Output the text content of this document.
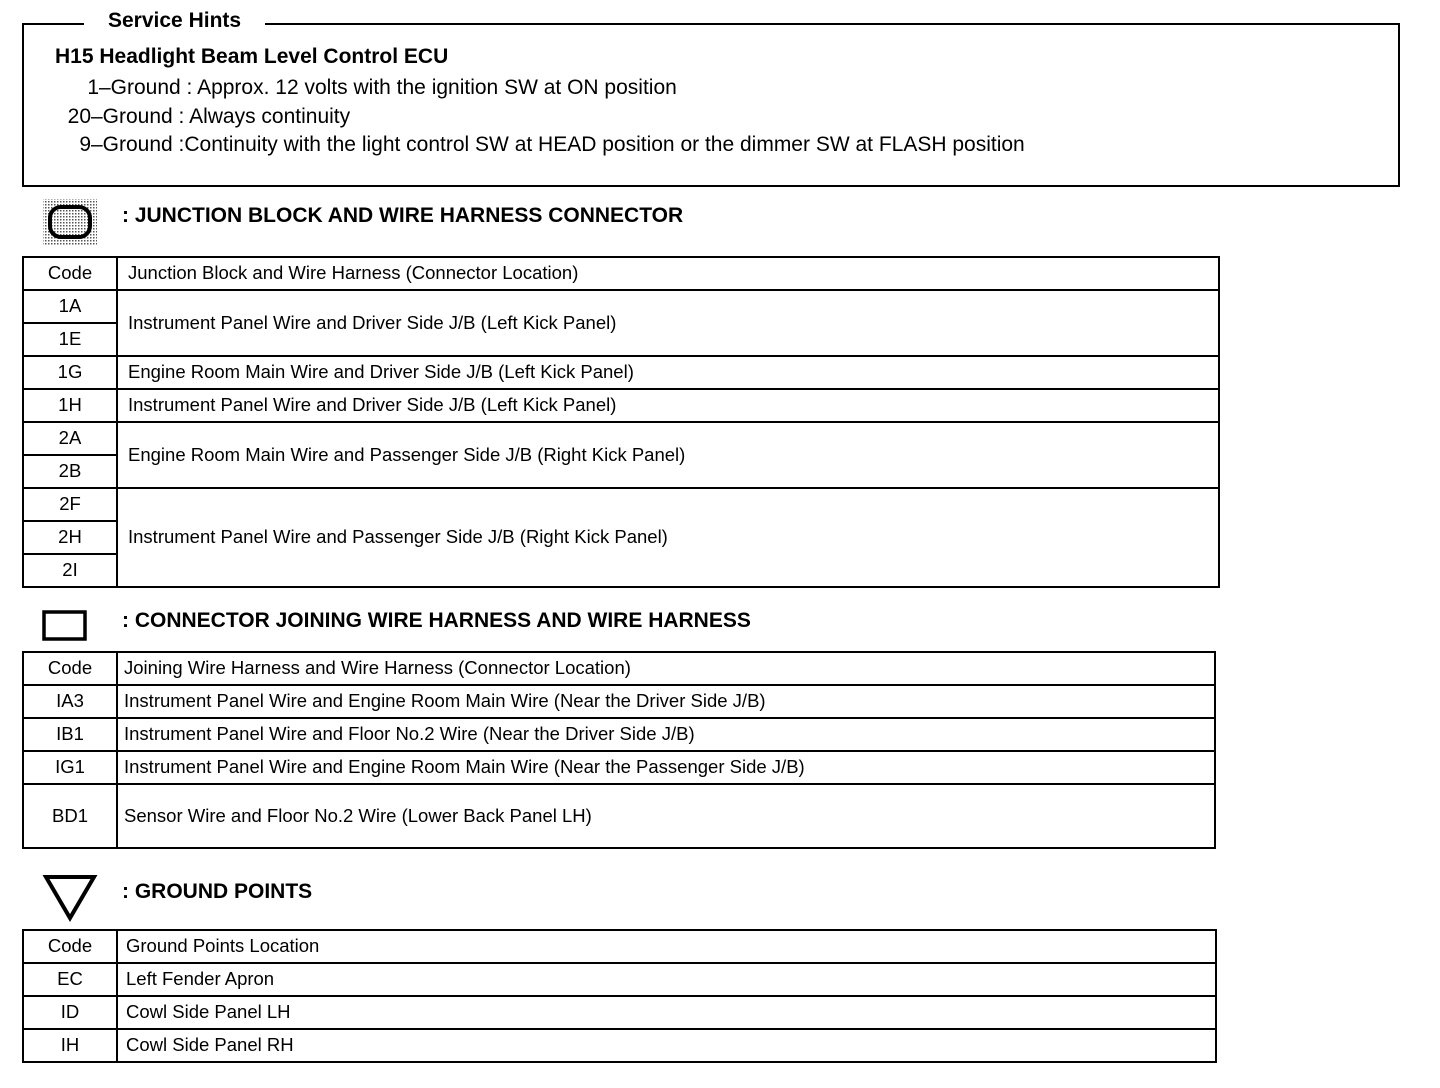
Service Hints
H15 Headlight Beam Level Control ECU
1–Ground : Approx. 12 volts with the ignition SW at ON position
20–Ground : Always continuity
9–Ground :Continuity with the light control SW at HEAD position or the dimmer SW at FLASH position
: JUNCTION BLOCK AND WIRE HARNESS CONNECTOR
Code	Junction Block and Wire Harness (Connector Location)
1A	Instrument Panel Wire and Driver Side J/B (Left Kick Panel)
1E	
1G	Engine Room Main Wire and Driver Side J/B (Left Kick Panel)
1H	Instrument Panel Wire and Driver Side J/B (Left Kick Panel)
2A	Engine Room Main Wire and Passenger Side J/B (Right Kick Panel)
2B	
2F	Instrument Panel Wire and Passenger Side J/B (Right Kick Panel)
2H	
2I	
: CONNECTOR JOINING WIRE HARNESS AND WIRE HARNESS
Code	Joining Wire Harness and Wire Harness (Connector Location)
IA3	Instrument Panel Wire and Engine Room Main Wire (Near the Driver Side J/B)
IB1	Instrument Panel Wire and Floor No.2 Wire (Near the Driver Side J/B)
IG1	Instrument Panel Wire and Engine Room Main Wire (Near the Passenger Side J/B)
BD1	Sensor Wire and Floor No.2 Wire (Lower Back Panel LH)
: GROUND POINTS
Code	Ground Points Location
EC	Left Fender Apron
ID	Cowl Side Panel LH
IH	Cowl Side Panel RH
